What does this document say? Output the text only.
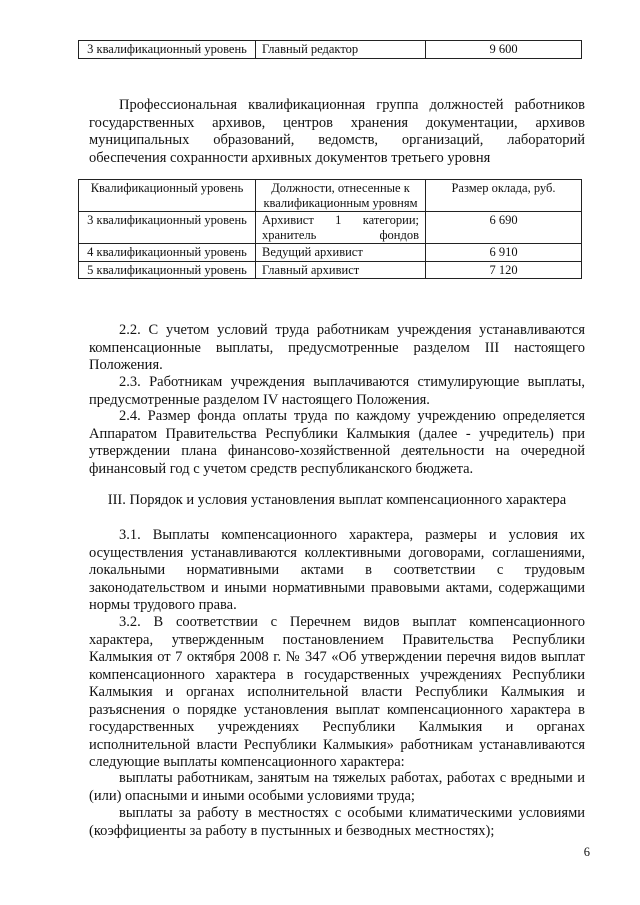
3 квалификационный уровень	Главный редактор	9 600

Профессиональная квалификационная группа должностей работников государственных архивов, центров хранения документации, архивов муниципальных образований, ведомств, организаций, лабораторий обеспечения сохранности архивных документов третьего уровня

Квалификационный уровень	Должности, отнесенные к квалификационным уровням	Размер оклада, руб.
3 квалификационный уровень	Архивист 1 категории; хранитель фондов	6 690
4 квалификационный уровень	Ведущий архивист	6 910
5 квалификационный уровень	Главный архивист	7 120

2.2. С учетом условий труда работникам учреждения устанавливаются компенсационные выплаты, предусмотренные разделом III настоящего Положения.

2.3. Работникам учреждения выплачиваются стимулирующие выплаты, предусмотренные разделом IV настоящего Положения.

2.4. Размер фонда оплаты труда по каждому учреждению определяется Аппаратом Правительства Республики Калмыкия (далее - учредитель) при утверждении плана финансово-хозяйственной деятельности на очередной финансовый год с учетом средств республиканского бюджета.

III. Порядок и условия установления выплат компенсационного характера

3.1. Выплаты компенсационного характера, размеры и условия их осуществления устанавливаются коллективными договорами, соглашениями, локальными нормативными актами в соответствии с трудовым законодательством и иными нормативными правовыми актами, содержащими нормы трудового права.

3.2. В соответствии с Перечнем видов выплат компенсационного характера, утвержденным постановлением Правительства Республики Калмыкия от 7 октября 2008 г. № 347 «Об утверждении перечня видов выплат компенсационного характера в государственных учреждениях Республики Калмыкия и органах исполнительной власти Республики Калмыкия и разъяснения о порядке установления выплат компенсационного характера в государственных учреждениях Республики Калмыкия и органах исполнительной власти Республики Калмыкия» работникам устанавливаются следующие выплаты компенсационного характера:

выплаты работникам, занятым на тяжелых работах, работах с вредными и (или) опасными и иными особыми условиями труда;

выплаты за работу в местностях с особыми климатическими условиями (коэффициенты за работу в пустынных и безводных местностях);

6
